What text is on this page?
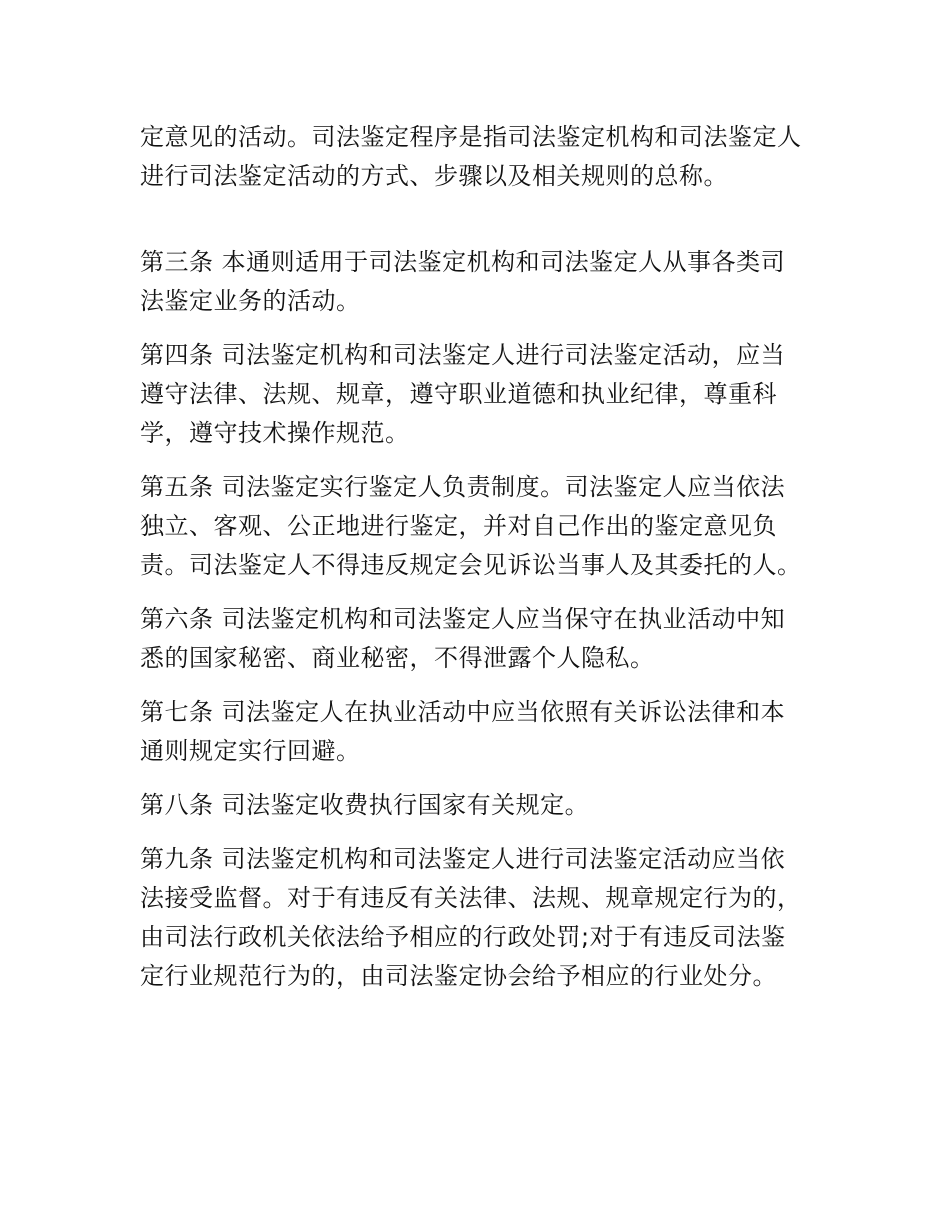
定意见的活动。司法鉴定程序是指司法鉴定机构和司法鉴定人进行司法鉴定活动的方式、步骤以及相关规则的总称。

第三条 本通则适用于司法鉴定机构和司法鉴定人从事各类司法鉴定业务的活动。

第四条 司法鉴定机构和司法鉴定人进行司法鉴定活动，应当遵守法律、法规、规章，遵守职业道德和执业纪律，尊重科学，遵守技术操作规范。

第五条 司法鉴定实行鉴定人负责制度。司法鉴定人应当依法独立、客观、公正地进行鉴定，并对自己作出的鉴定意见负责。司法鉴定人不得违反规定会见诉讼当事人及其委托的人。

第六条 司法鉴定机构和司法鉴定人应当保守在执业活动中知悉的国家秘密、商业秘密，不得泄露个人隐私。

第七条 司法鉴定人在执业活动中应当依照有关诉讼法律和本通则规定实行回避。

第八条 司法鉴定收费执行国家有关规定。

第九条 司法鉴定机构和司法鉴定人进行司法鉴定活动应当依法接受监督。对于有违反有关法律、法规、规章规定行为的，由司法行政机关依法给予相应的行政处罚;对于有违反司法鉴定行业规范行为的，由司法鉴定协会给予相应的行业处分。
